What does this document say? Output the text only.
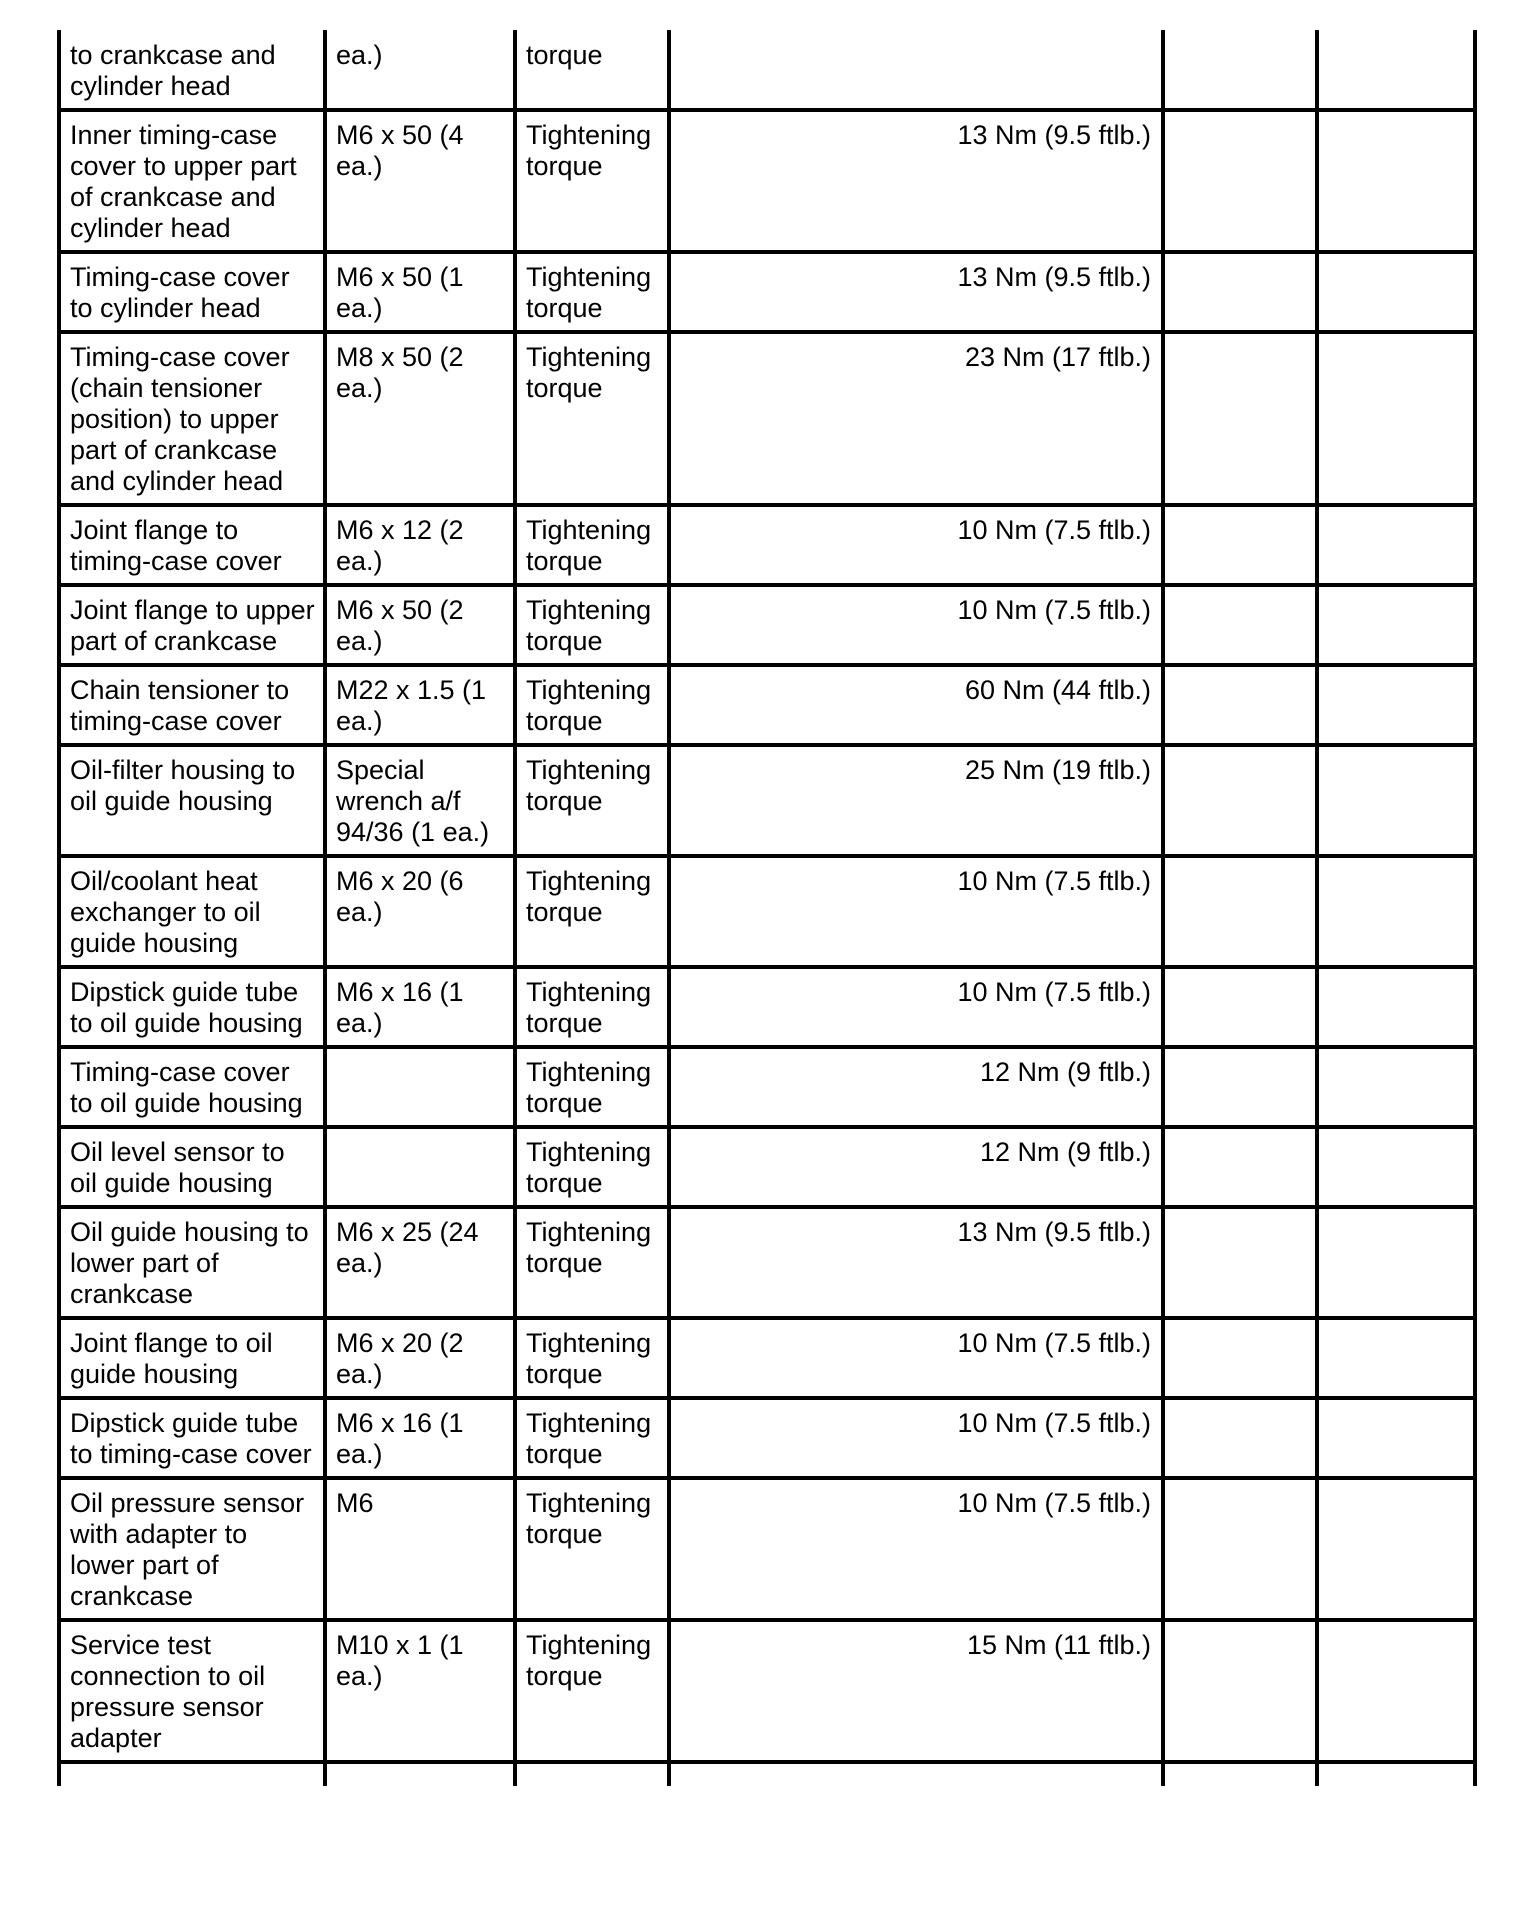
to crankcase and cylinder head	ea.)	torque			
Inner timing-case cover to upper part of crankcase and cylinder head	M6 x 50 (4 ea.)	Tightening torque	13 Nm (9.5 ftlb.)		
Timing-case cover to cylinder head	M6 x 50 (1 ea.)	Tightening torque	13 Nm (9.5 ftlb.)		
Timing-case cover (chain tensioner position) to upper part of crankcase and cylinder head	M8 x 50 (2 ea.)	Tightening torque	23 Nm (17 ftlb.)		
Joint flange to timing-case cover	M6 x 12 (2 ea.)	Tightening torque	10 Nm (7.5 ftlb.)		
Joint flange to upper part of crankcase	M6 x 50 (2 ea.)	Tightening torque	10 Nm (7.5 ftlb.)		
Chain tensioner to timing-case cover	M22 x 1.5 (1 ea.)	Tightening torque	60 Nm (44 ftlb.)		
Oil-filter housing to oil guide housing	Special wrench a/f 94/36 (1 ea.)	Tightening torque	25 Nm (19 ftlb.)		
Oil/coolant heat exchanger to oil guide housing	M6 x 20 (6 ea.)	Tightening torque	10 Nm (7.5 ftlb.)		
Dipstick guide tube to oil guide housing	M6 x 16 (1 ea.)	Tightening torque	10 Nm (7.5 ftlb.)		
Timing-case cover to oil guide housing		Tightening torque	12 Nm (9 ftlb.)		
Oil level sensor to oil guide housing		Tightening torque	12 Nm (9 ftlb.)		
Oil guide housing to lower part of crankcase	M6 x 25 (24 ea.)	Tightening torque	13 Nm (9.5 ftlb.)		
Joint flange to oil guide housing	M6 x 20 (2 ea.)	Tightening torque	10 Nm (7.5 ftlb.)		
Dipstick guide tube to timing-case cover	M6 x 16 (1 ea.)	Tightening torque	10 Nm (7.5 ftlb.)		
Oil pressure sensor with adapter to lower part of crankcase	M6	Tightening torque	10 Nm (7.5 ftlb.)		
Service test connection to oil pressure sensor adapter	M10 x 1 (1 ea.)	Tightening torque	15 Nm (11 ftlb.)		
